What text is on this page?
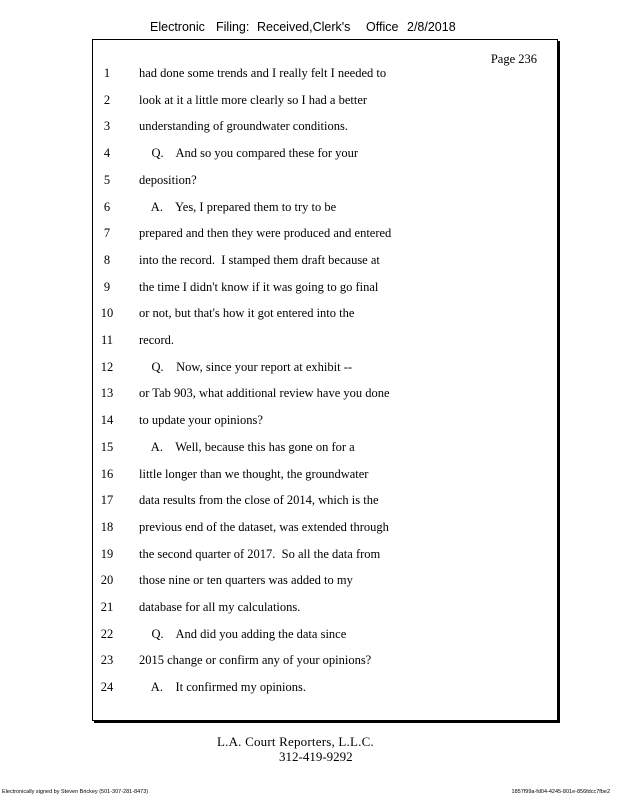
Electronic Filing: Received,Clerk's Office 2/8/2018
Page 236
1	had done some trends and I really felt I needed to
2	look at it a little more clearly so I had a better
3	understanding of groundwater conditions.
4	Q.    And so you compared these for your
5	deposition?
6	A.    Yes, I prepared them to try to be
7	prepared and then they were produced and entered
8	into the record.  I stamped them draft because at
9	the time I didn't know if it was going to go final
10	or not, but that's how it got entered into the
11	record.
12	Q.    Now, since your report at exhibit --
13	or Tab 903, what additional review have you done
14	to update your opinions?
15	A.    Well, because this has gone on for a
16	little longer than we thought, the groundwater
17	data results from the close of 2014, which is the
18	previous end of the dataset, was extended through
19	the second quarter of 2017.  So all the data from
20	those nine or ten quarters was added to my
21	database for all my calculations.
22	Q.    And did you adding the data since
23	2015 change or confirm any of your opinions?
24	A.    It confirmed my opinions.
L.A. Court Reporters, L.L.C.
312-419-9292
Electronically signed by Steven Brickey (501-307-281-8473)	1857f99a-fd04-4245-801e-856fdcc7fbe2
